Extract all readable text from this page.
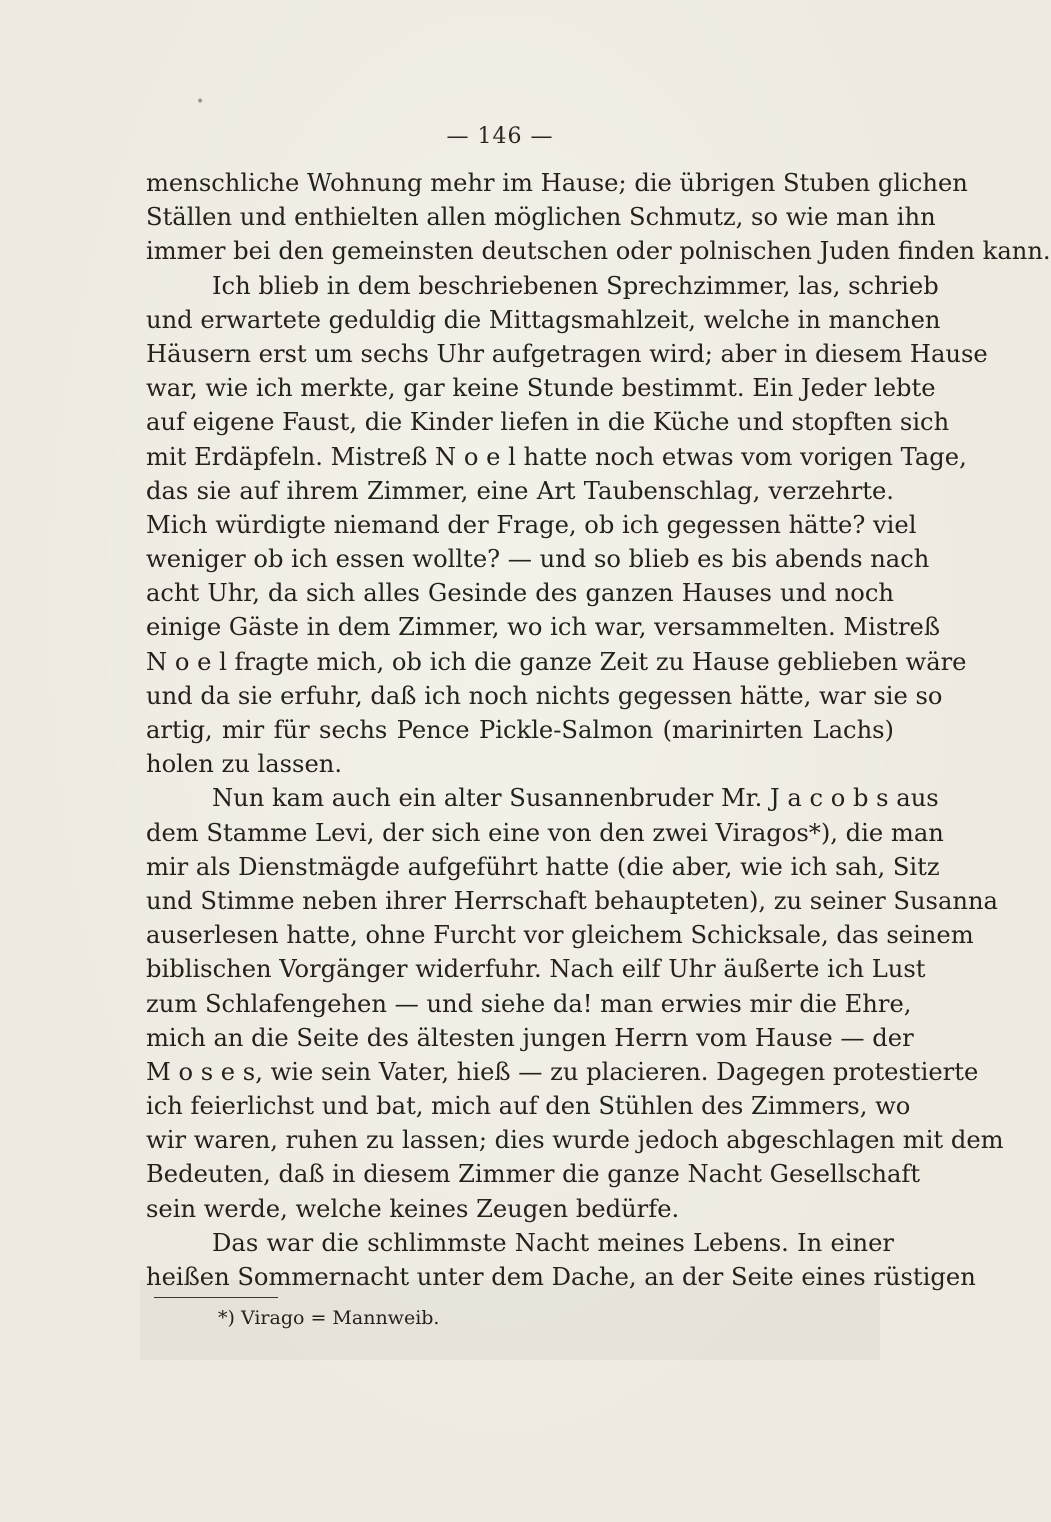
•
— 146 —
menschliche Wohnung mehr im Hause; die übrigen Stuben glichen
Ställen und enthielten allen möglichen Schmutz, so wie man ihn
immer bei den gemeinsten deutschen oder polnischen Juden finden kann.
Ich blieb in dem beschriebenen Sprechzimmer, las, schrieb
und erwartete geduldig die Mittagsmahlzeit, welche in manchen
Häusern erst um sechs Uhr aufgetragen wird; aber in diesem Hause
war, wie ich merkte, gar keine Stunde bestimmt. Ein Jeder lebte
auf eigene Faust, die Kinder liefen in die Küche und stopften sich
mit Erdäpfeln. Mistreß N o e l hatte noch etwas vom vorigen Tage,
das sie auf ihrem Zimmer, eine Art Taubenschlag, verzehrte.
Mich würdigte niemand der Frage, ob ich gegessen hätte? viel
weniger ob ich essen wollte? — und so blieb es bis abends nach
acht Uhr, da sich alles Gesinde des ganzen Hauses und noch
einige Gäste in dem Zimmer, wo ich war, versammelten. Mistreß
N o e l fragte mich, ob ich die ganze Zeit zu Hause geblieben wäre
und da sie erfuhr, daß ich noch nichts gegessen hätte, war sie so
artig, mir für sechs Pence Pickle-Salmon (marinirten Lachs)
holen zu lassen.
Nun kam auch ein alter Susannenbruder Mr. J a c o b s aus
dem Stamme Levi, der sich eine von den zwei Viragos*), die man
mir als Dienstmägde aufgeführt hatte (die aber, wie ich sah, Sitz
und Stimme neben ihrer Herrschaft behaupteten), zu seiner Susanna
auserlesen hatte, ohne Furcht vor gleichem Schicksale, das seinem
biblischen Vorgänger widerfuhr. Nach eilf Uhr äußerte ich Lust
zum Schlafengehen — und siehe da! man erwies mir die Ehre,
mich an die Seite des ältesten jungen Herrn vom Hause — der
M o s e s, wie sein Vater, hieß — zu placieren. Dagegen protestierte
ich feierlichst und bat, mich auf den Stühlen des Zimmers, wo
wir waren, ruhen zu lassen; dies wurde jedoch abgeschlagen mit dem
Bedeuten, daß in diesem Zimmer die ganze Nacht Gesellschaft
sein werde, welche keines Zeugen bedürfe.
Das war die schlimmste Nacht meines Lebens. In einer
heißen Sommernacht unter dem Dache, an der Seite eines rüstigen
*) Virago = Mannweib.
